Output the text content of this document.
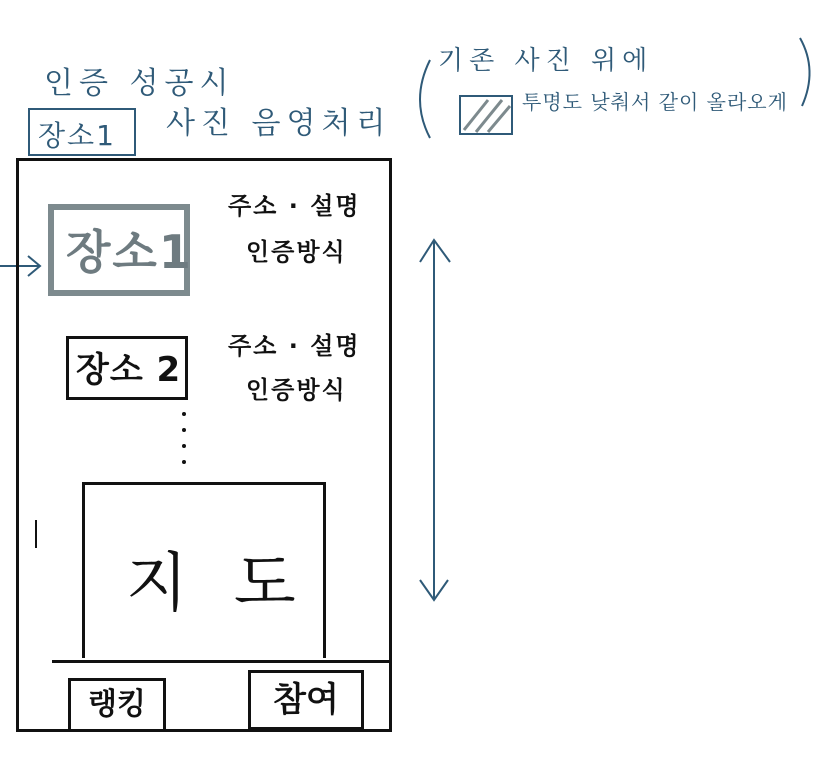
인증 성공시
장소1 사진 음영처리
기존 사진 위에
투명도 낮춰서 같이 올라오게
장소1
주소 · 설명
인증방식
장소 2
주소 · 설명
인증방식
지도
랭킹	참여
